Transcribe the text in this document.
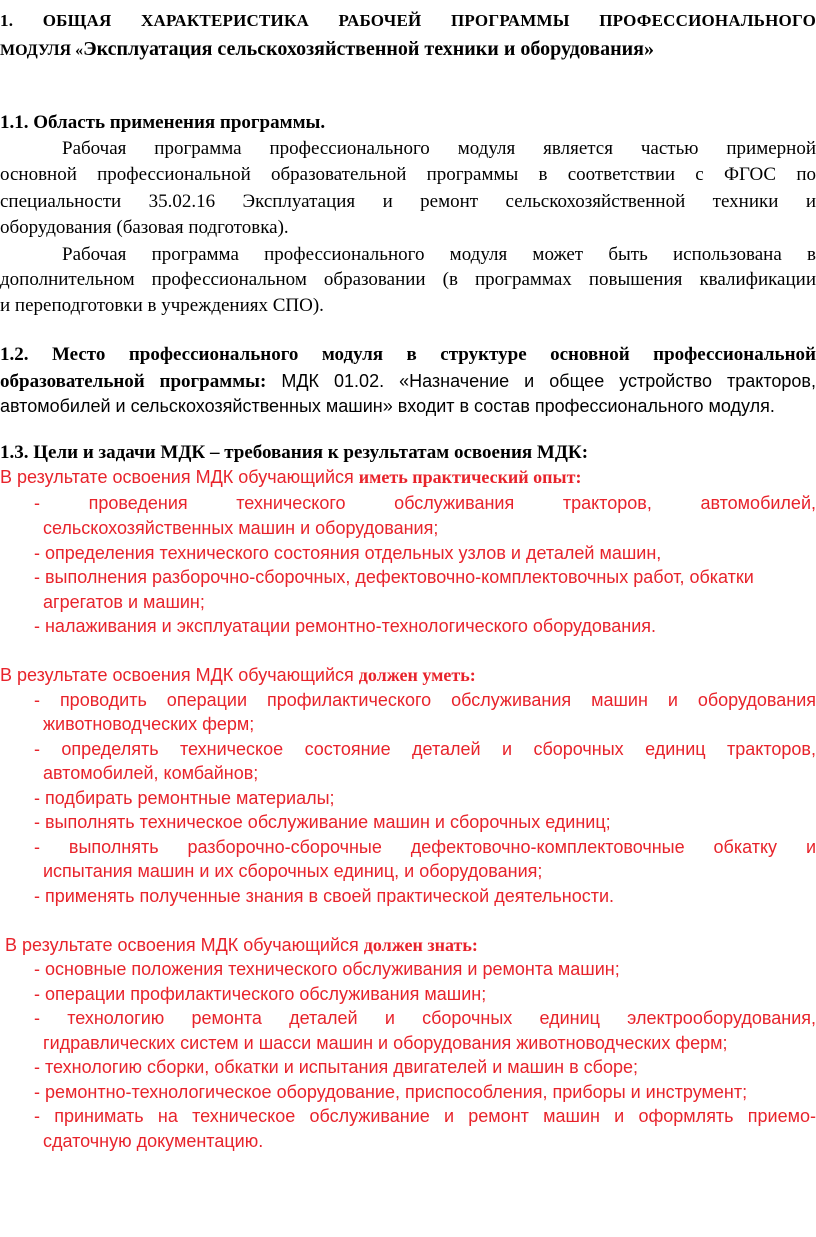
1. ОБЩАЯ ХАРАКТЕРИСТИКА РАБОЧЕЙ ПРОГРАММЫ ПРОФЕССИОНАЛЬНОГО
МОДУЛЯ «Эксплуатация сельскохозяйственной техники и оборудования»
1.1. Область применения программы.
Рабочая программа профессионального модуля является частью примерной
основной профессиональной образовательной программы в соответствии с ФГОС по
специальности 35.02.16 Эксплуатация и ремонт сельскохозяйственной техники и
оборудования (базовая подготовка).
Рабочая программа профессионального модуля может быть использована в
дополнительном профессиональном образовании (в программах повышения квалификации
и переподготовки в учреждениях СПО).
1.2. Место профессионального модуля в структуре основной профессиональной
образовательной программы: МДК 01.02. «Назначение и общее устройство тракторов,
автомобилей и сельскохозяйственных машин» входит в состав профессионального модуля.
1.3. Цели и задачи МДК – требования к результатам освоения МДК:
В результате освоения МДК обучающийся иметь практический опыт:
- проведения технического обслуживания тракторов, автомобилей,
сельскохозяйственных машин и оборудования;
- определения технического состояния отдельных узлов и деталей машин,
- выполнения разборочно-сборочных, дефектовочно-комплектовочных работ, обкатки
агрегатов и машин;
- налаживания и эксплуатации ремонтно-технологического оборудования.
В результате освоения МДК обучающийся должен уметь:
- проводить операции профилактического обслуживания машин и оборудования
животноводческих ферм;
- определять техническое состояние деталей и сборочных единиц тракторов,
автомобилей, комбайнов;
- подбирать ремонтные материалы;
- выполнять техническое обслуживание машин и сборочных единиц;
- выполнять разборочно-сборочные дефектовочно-комплектовочные обкатку и
испытания машин и их сборочных единиц, и оборудования;
- применять полученные знания в своей практической деятельности.
В результате освоения МДК обучающийся должен знать:
- основные положения технического обслуживания и ремонта машин;
- операции профилактического обслуживания машин;
- технологию ремонта деталей и сборочных единиц электрооборудования,
гидравлических систем и шасси машин и оборудования животноводческих ферм;
- технологию сборки, обкатки и испытания двигателей и машин в сборе;
- ремонтно-технологическое оборудование, приспособления, приборы и инструмент;
- принимать на техническое обслуживание и ремонт машин и оформлять приемо-
сдаточную документацию.
